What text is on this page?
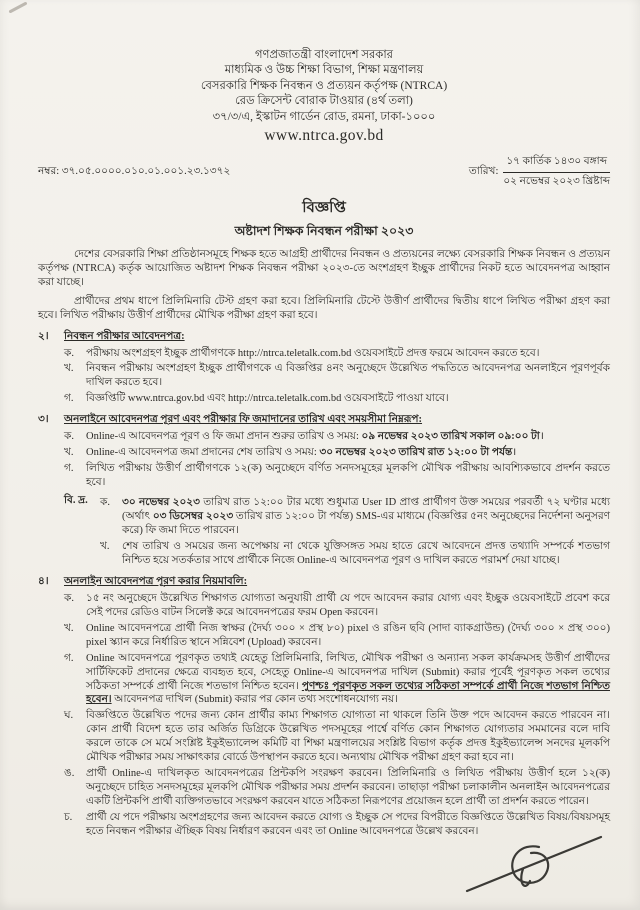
গণপ্রজাতন্ত্রী বাংলাদেশ সরকার
মাধ্যমিক ও উচ্চ শিক্ষা বিভাগ, শিক্ষা মন্ত্রণালয়
বেসরকারি শিক্ষক নিবন্ধন ও প্রত্যয়ন কর্তৃপক্ষ (NTRCA)
রেড ক্রিসেন্ট বোরাক টাওয়ার (৪র্থ তলা)
৩৭/৩/এ, ইস্কাটন গার্ডেন রোড, রমনা, ঢাকা-১০০০
www.ntrca.gov.bd
নম্বর: ৩৭.০৫.০০০০.০১০.০১.০০১.২৩.১৩৭২	তারিখ:
১৭ কার্তিক ১৪৩০ বঙ্গাব্দ
০২ নভেম্বর ২০২৩ খ্রিষ্টাব্দ
বিজ্ঞপ্তি
অষ্টাদশ শিক্ষক নিবন্ধন পরীক্ষা ২০২৩

দেশের বেসরকারি শিক্ষা প্রতিষ্ঠানসমূহে শিক্ষক হতে আগ্রহী প্রার্থীদের নিবন্ধন ও প্রত্যয়নের লক্ষ্যে বেসরকারি শিক্ষক নিবন্ধন ও প্রত্যয়ন কর্তৃপক্ষ (NTRCA) কর্তৃক আয়োজিত অষ্টাদশ শিক্ষক নিবন্ধন পরীক্ষা ২০২৩-তে অংশগ্রহণ ইচ্ছুক প্রার্থীদের নিকট হতে আবেদনপত্র আহ্বান করা যাচ্ছে।

প্রার্থীদের প্রথম ধাপে প্রিলিমিনারি টেস্ট গ্রহণ করা হবে। প্রিলিমিনারি টেস্টে উত্তীর্ণ প্রার্থীদের দ্বিতীয় ধাপে লিখিত পরীক্ষা গ্রহণ করা হবে। লিখিত পরীক্ষায় উত্তীর্ণ প্রার্থীদের মৌখিক পরীক্ষা গ্রহণ করা হবে।

২।	নিবন্ধন পরীক্ষার আবেদনপত্র:
ক.	পরীক্ষায় অংশগ্রহণ ইচ্ছুক প্রার্থীগণকে http://ntrca.teletalk.com.bd ওয়েবসাইটে প্রদত্ত ফরমে আবেদন করতে হবে।
খ.	নিবন্ধন পরীক্ষায় অংশগ্রহণ ইচ্ছুক প্রার্থীগণকে এ বিজ্ঞপ্তির ৪নং অনুচ্ছেদে উল্লেখিত পদ্ধতিতে আবেদনপত্র অনলাইনে পূরণপূর্বক দাখিল করতে হবে।
গ.	বিজ্ঞপ্তিটি www.ntrca.gov.bd এবং http://ntrca.teletalk.com.bd ওয়েবসাইটে পাওয়া যাবে।
৩।	অনলাইনে আবেদনপত্র পূরণ এবং পরীক্ষার ফি জমাদানের তারিখ এবং সময়সীমা নিম্নরূপ:
ক.	Online-এ আবেদনপত্র পূরণ ও ফি জমা প্রদান শুরুর তারিখ ও সময়: ০৯ নভেম্বর ২০২৩ তারিখ সকাল ০৯:০০ টা।
খ.	Online-এ আবেদনপত্র জমা প্রদানের শেষ তারিখ ও সময়: ৩০ নভেম্বর ২০২৩ তারিখ রাত ১২:০০ টা পর্যন্ত।
গ.	লিখিত পরীক্ষায় উত্তীর্ণ প্রার্থীগণকে ১২(ক) অনুচ্ছেদে বর্ণিত সনদসমূহের মূলকপি মৌখিক পরীক্ষায় আবশ্যিকভাবে প্রদর্শন করতে হবে।
বি. দ্র.	ক.	৩০ নভেম্বর ২০২৩ তারিখ রাত ১২:০০ টার মধ্যে শুধুমাত্র User ID প্রাপ্ত প্রার্থীগণ উক্ত সময়ের পরবর্তী ৭২ ঘণ্টার মধ্যে (অর্থাৎ ০৩ ডিসেম্বর ২০২৩ তারিখ রাত ১২:০০ টা পর্যন্ত) SMS-এর মাধ্যমে (বিজ্ঞপ্তির ৫নং অনুচ্ছেদের নির্দেশনা অনুসরণ করে) ফি জমা দিতে পারবেন।
খ.	শেষ তারিখ ও সময়ের জন্য অপেক্ষায় না থেকে যুক্তিসঙ্গত সময় হাতে রেখে আবেদনে প্রদত্ত তথ্যাদি সম্পর্কে শতভাগ নিশ্চিত হয়ে সতর্কতার সাথে প্রার্থীকে নিজে Online-এ আবেদনপত্র পূরণ ও দাখিল করতে পরামর্শ দেয়া যাচ্ছে।
৪।	অনলাইন আবেদনপত্র পূরণ করার নিয়মাবলি:
ক.	১৫ নং অনুচ্ছেদে উল্লেখিত শিক্ষাগত যোগ্যতা অনুযায়ী প্রার্থী যে পদে আবেদন করার যোগ্য এবং ইচ্ছুক ওয়েবসাইটে প্রবেশ করে সেই পদের রেডিও বাটন সিলেক্ট করে আবেদনপত্রের ফরম Open করবেন।
খ.	Online আবেদনপত্রে প্রার্থী নিজ স্বাক্ষর (দৈর্ঘ্য ৩০০ × প্রস্থ ৮০) pixel ও রঙিন ছবি (সাদা ব্যাকগ্রাউন্ড) (দৈর্ঘ্য ৩০০ × প্রস্থ ৩০০) pixel স্ক্যান করে নির্ধারিত স্থানে সন্নিবেশ (Upload) করবেন।
গ.	Online আবেদনপত্রে পূরণকৃত তথ্যই যেহেতু প্রিলিমিনারি, লিখিত, মৌখিক পরীক্ষা ও অন্যান্য সকল কার্যক্রমসহ উত্তীর্ণ প্রার্থীদের সার্টিফিকেট প্রদানের ক্ষেত্রে ব্যবহৃত হবে, সেহেতু Online-এ আবেদনপত্র দাখিল (Submit) করার পূর্বেই পূরণকৃত সকল তথ্যের সঠিকতা সম্পর্কে প্রার্থী নিজে শতভাগ নিশ্চিত হবেন। পুণশ্চঃ পূরণকৃত সকল তথ্যের সঠিকতা সম্পর্কে প্রার্থী নিজে শতভাগ নিশ্চিত হবেন। আবেদনপত্র দাখিল (Submit) করার পর কোন তথ্য সংশোধনযোগ্য নয়।
ঘ.	বিজ্ঞপ্তিতে উল্লেখিত পদের জন্য কোন প্রার্থীর কাম্য শিক্ষাগত যোগ্যতা না থাকলে তিনি উক্ত পদে আবেদন করতে পারবেন না। কোন প্রার্থী বিদেশ হতে তার অর্জিত ডিগ্রিকে উল্লেখিত পদসমূহের পার্শ্বে বর্ণিত কোন শিক্ষাগত যোগ্যতার সমমানের বলে দাবি করলে তাকে সে মর্মে সংশ্লিষ্ট ইকুইভ্যালেন্স কমিটি বা শিক্ষা মন্ত্রণালয়ের সংশ্লিষ্ট বিভাগ কর্তৃক প্রদত্ত ইকুইভ্যালেন্স সনদের মূলকপি মৌখিক পরীক্ষার সময় সাক্ষাৎকার বোর্ডে উপস্থাপন করতে হবে। অন্যথায় মৌখিক পরীক্ষা গ্রহণ করা হবে না।
ঙ.	প্রার্থী Online-এ দাখিলকৃত আবেদনপত্রের প্রিন্টকপি সংরক্ষণ করবেন। প্রিলিমিনারি ও লিখিত পরীক্ষায় উত্তীর্ণ হলে ১২(ক) অনুচ্ছেদে চাহিত সনদসমূহের মূলকপি মৌখিক পরীক্ষার সময় প্রদর্শন করবেন। তাছাড়া পরীক্ষা চলাকালীন অনলাইন আবেদনপত্রের একটি প্রিন্টকপি প্রার্থী ব্যক্তিগতভাবে সংরক্ষণ করবেন যাতে সঠিকতা নিরূপণের প্রয়োজন হলে প্রার্থী তা প্রদর্শন করতে পারেন।
চ.	প্রার্থী যে পদে পরীক্ষায় অংশগ্রহণের জন্য আবেদন করতে যোগ্য ও ইচ্ছুক সে পদের বিপরীতে বিজ্ঞপ্তিতে উল্লেখিত বিষয়/বিষয়সমূহ হতে নিবন্ধন পরীক্ষার ঐচ্ছিক বিষয় নির্ধারণ করবেন এবং তা Online আবেদনপত্রে উল্লেখ করবেন।
